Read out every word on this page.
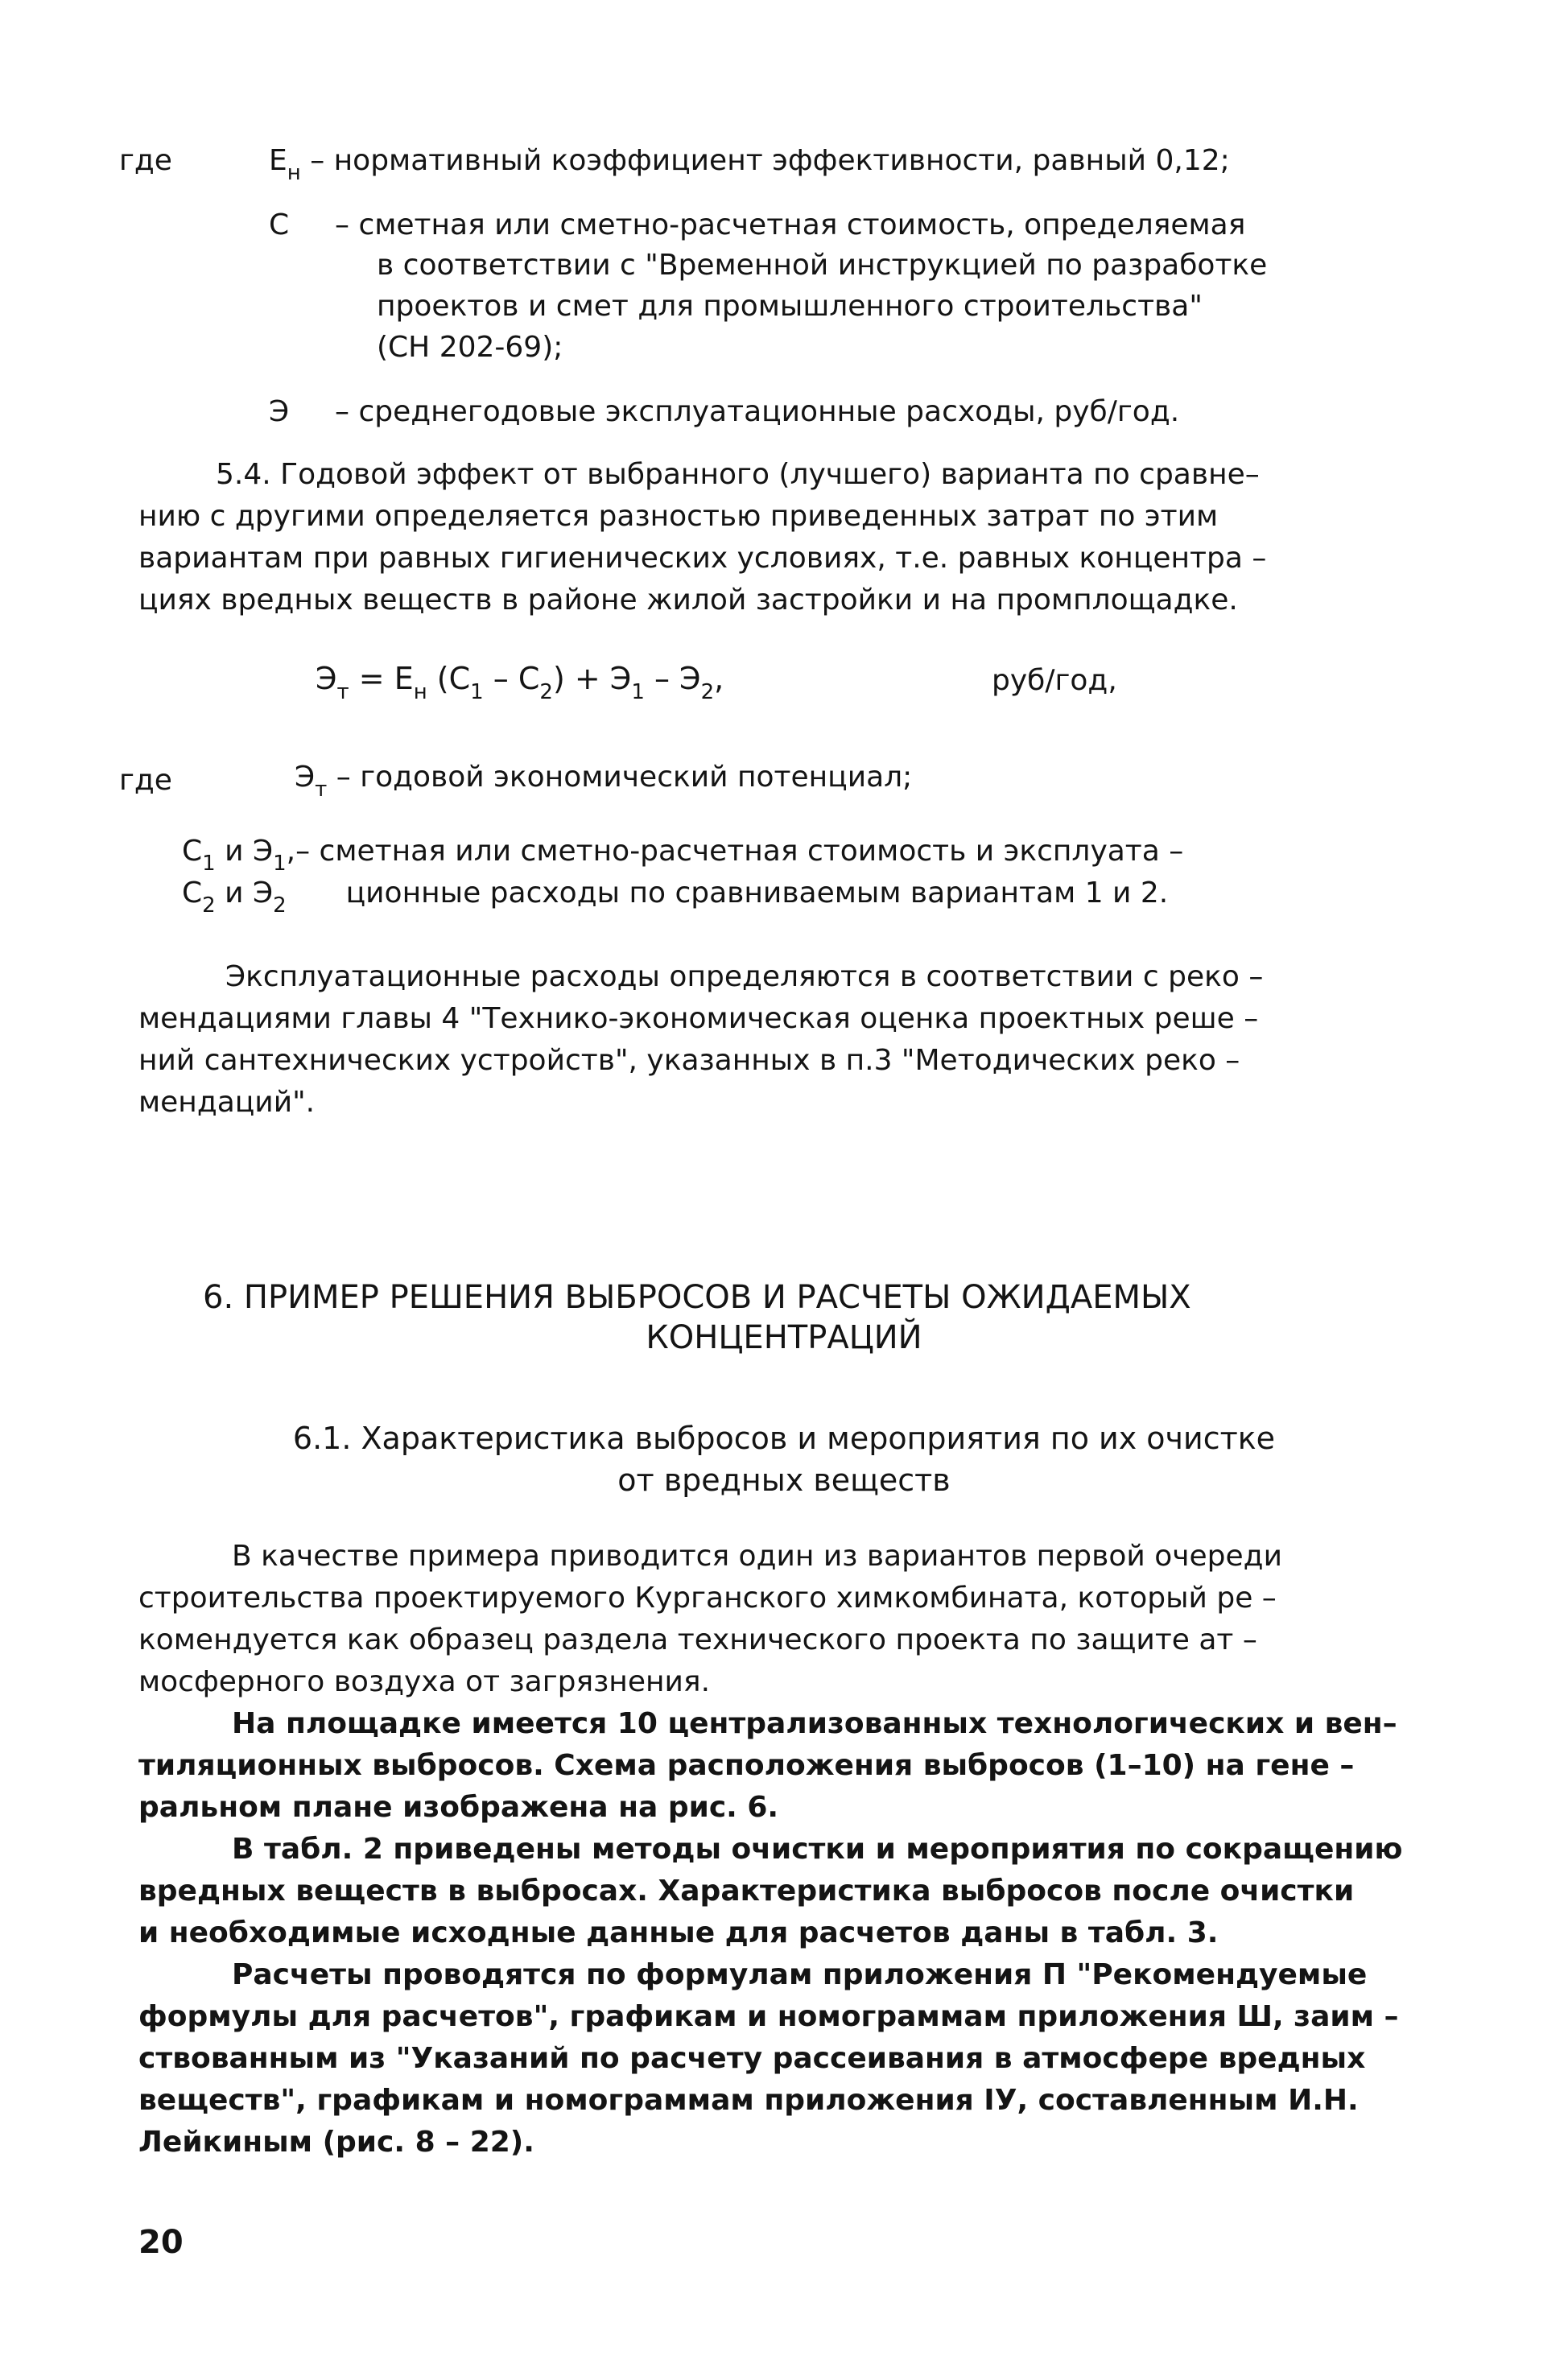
где	$Е_н$ – нормативный коэффициент эффективности, равный 0,12;
С – сметная или сметно-расчетная стоимость, определяемая
в соответствии с "Временной инструкцией по разработке
проектов и смет для промышленного строительства"
(СН 202-69);
Э – среднегодовые эксплуатационные расходы, руб/год.
5.4. Годовой эффект от выбранного (лучшего) варианта по сравне–
нию с другими определяется разностью приведенных затрат по этим
вариантам при равных гигиенических условиях, т.е. равных концентра –
циях вредных веществ в районе жилой застройки и на промплощадке.
$Э_т = Е_н$ $(С_1 - С_2) + Э_1 - Э_2$,	руб/год,
где	$Э_т$ – годовой экономический потенциал;
$С_1$ и $Э_1,-$ сметная или сметно-расчетная стоимость и эксплуата –
$С_2$ и $Э_2$ ционные расходы по сравниваемым вариантам 1 и 2.
Эксплуатационные расходы определяются в соответствии с реко –
мендациями главы 4 "Технико-экономическая оценка проектных реше –
ний сантехнических устройств", указанных в п.3 "Методических реко –
мендаций".
6. ПРИМЕР РЕШЕНИЯ ВЫБРОСОВ И РАСЧЕТЫ ОЖИДАЕМЫХ
КОНЦЕНТРАЦИЙ
6.1. Характеристика выбросов и мероприятия по их очистке
от вредных веществ
В качестве примера приводится один из вариантов первой очереди
строительства проектируемого Курганского химкомбината, который ре –
комендуется как образец раздела технического проекта по защите ат –
мосферного воздуха от загрязнения.
На площадке имеется 10 централизованных технологических и вен–
тиляционных выбросов. Схема расположения выбросов (1–10) на гене –
ральном плане изображена на рис. 6.
В табл. 2 приведены методы очистки и мероприятия по сокращению
вредных веществ в выбросах. Характеристика выбросов после очистки
и необходимые исходные данные для расчетов даны в табл. 3.
Расчеты проводятся по формулам приложения П "Рекомендуемые
формулы для расчетов", графикам и номограммам приложения Ш, заим –
ствованным из "Указаний по расчету рассеивания в атмосфере вредных
веществ", графикам и номограммам приложения IУ, составленным И.Н.
Лейкиным (рис. 8 – 22).
20
